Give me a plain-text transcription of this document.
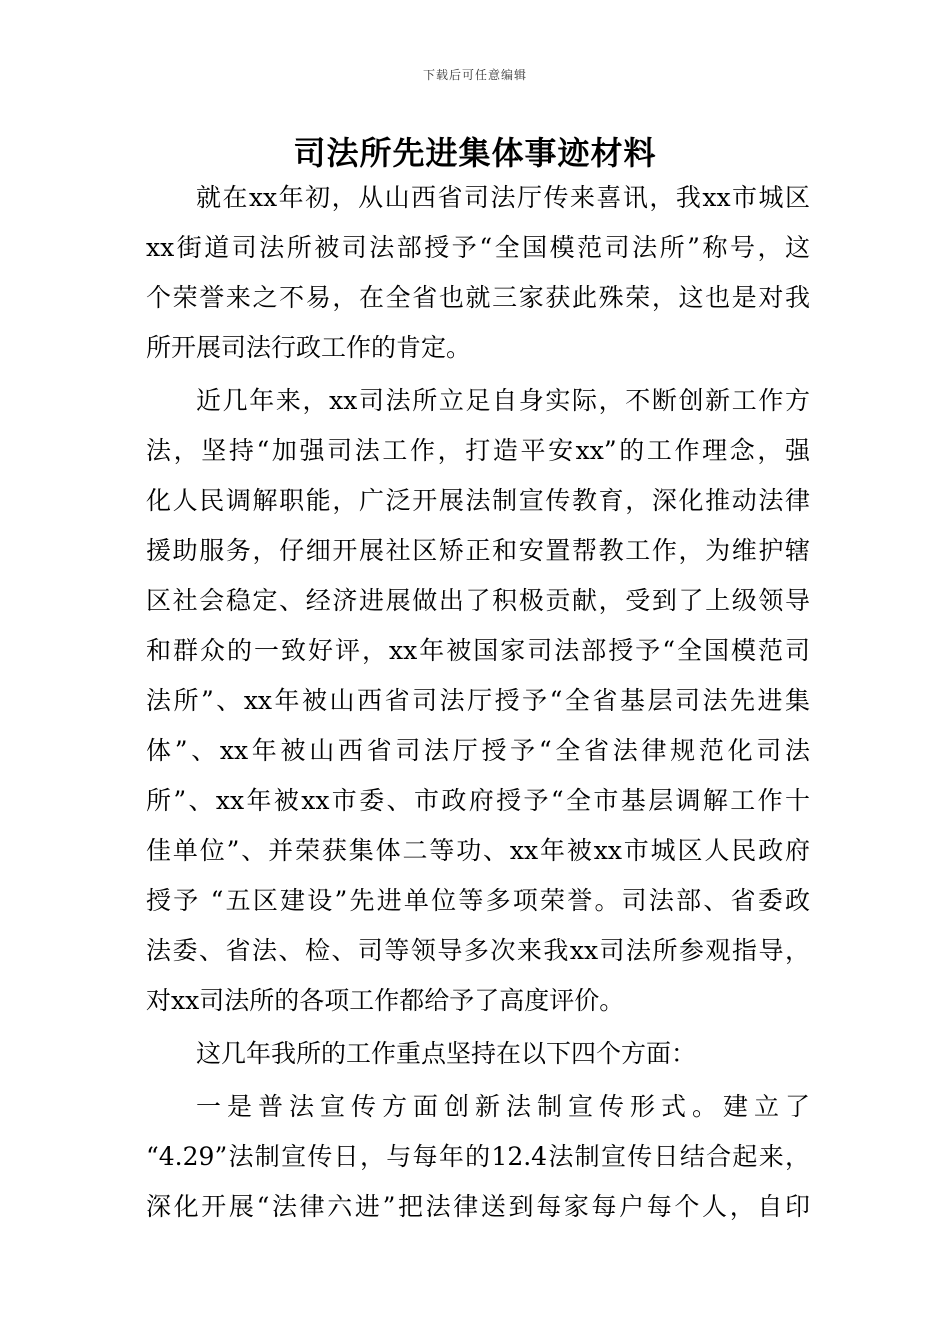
下载后可任意编辑
司法所先进集体事迹材料
就在xx年初，从山西省司法厅传来喜讯，我xx市城区
xx街道司法所被司法部授予“全国模范司法所”称号，这
个荣誉来之不易，在全省也就三家获此殊荣，这也是对我
所开展司法行政工作的肯定。
近几年来，xx司法所立足自身实际，不断创新工作方
法，坚持“加强司法工作，打造平安xx”的工作理念，强
化人民调解职能，广泛开展法制宣传教育，深化推动法律
援助服务，仔细开展社区矫正和安置帮教工作，为维护辖
区社会稳定、经济进展做出了积极贡献，受到了上级领导
和群众的一致好评，xx年被国家司法部授予“全国模范司
法所”、xx年被山西省司法厅授予“全省基层司法先进集
体”、xx年被山西省司法厅授予“全省法律规范化司法
所”、xx年被xx市委、市政府授予“全市基层调解工作十
佳单位”、并荣获集体二等功、xx年被xx市城区人民政府
授予 “五区建设”先进单位等多项荣誉。司法部、省委政
法委、省法、检、司等领导多次来我xx司法所参观指导，
对xx司法所的各项工作都给予了高度评价。
这几年我所的工作重点坚持在以下四个方面：
一是普法宣传方面创新法制宣传形式。建立了
“4.29”法制宣传日，与每年的12.4法制宣传日结合起来，
深化开展“法律六进”把法律送到每家每户每个人，自印
